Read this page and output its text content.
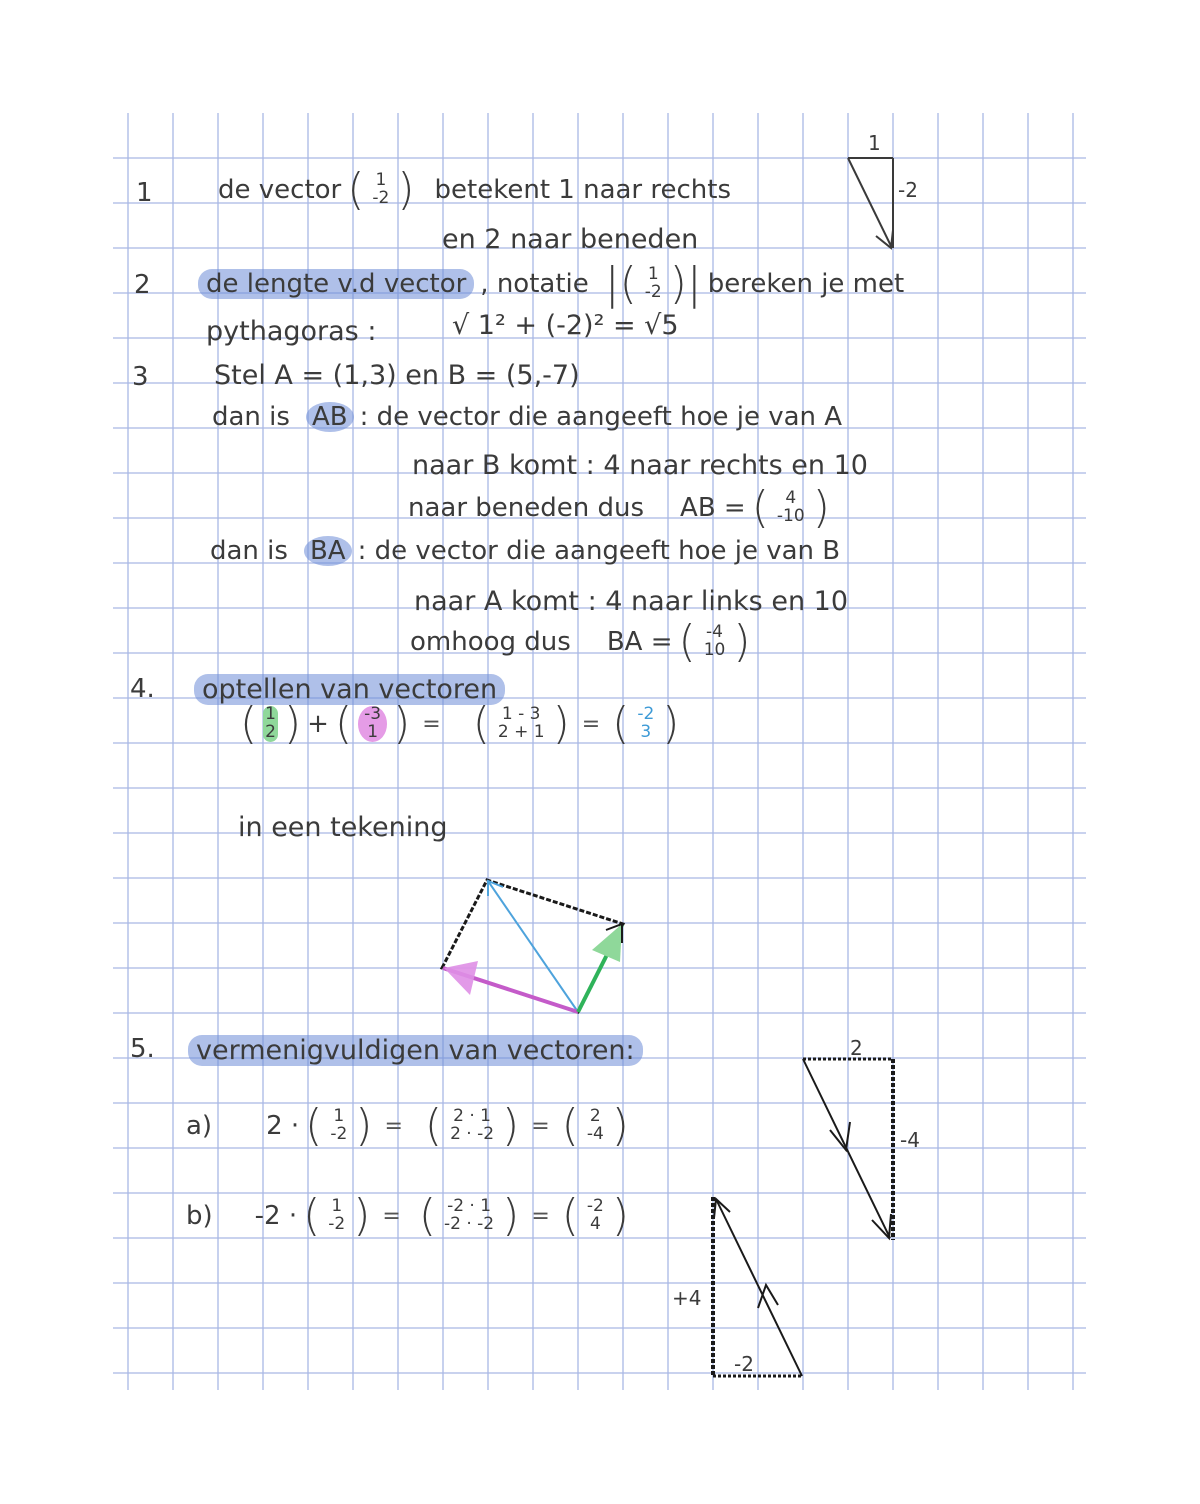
1	de vector ( 1
-2 ) betekent 1 naar rechts
en 2 naar beneden
1
-2
2	de lengte v.d vector , notatie |( 1
-2 )| bereken je met
pythagoras :	√ 1² + (-2)² = √5
3 Stel A = (1,3) en B = (5,-7)
dan is AB : de vector die aangeeft hoe je van A
naar B komt : 4 naar rechts en 10
naar beneden dus	AB = ( 4
-10 )
dan is BA : de vector die aangeeft hoe je van B
naar A komt : 4 naar links en 10
omhoog dus	BA = ( -4
10 )
4. optellen van vectoren
( 1
2 ) + ( -3
1 ) = ( 1 - 3
2 + 1 ) = ( -2
3 )
in een tekening
5. vermenigvuldigen van vectoren:
a)	2 · ( 1
-2 ) = ( 2 · 1
2 · -2 ) = ( 2
-4 )
b)	-2 · ( 1
-2 ) = ( -2 · 1
-2 · -2 ) = ( -2
4 )
2
-4
+4
-2
